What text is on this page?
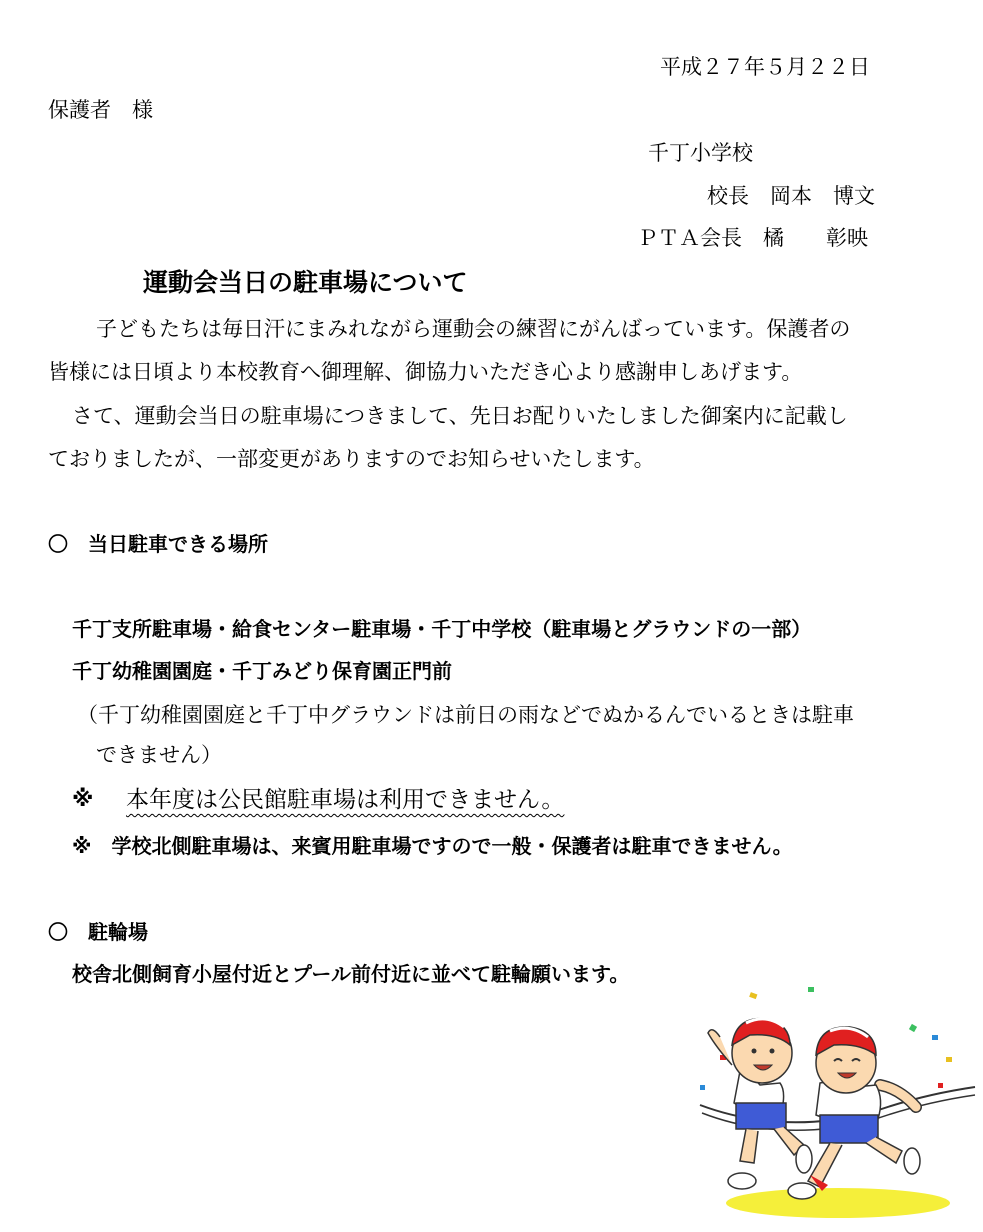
平成２７年５月２２日
保護者　様
千丁小学校
校長　岡本　博文
ＰＴＡ会長　橘　　彰映
運動会当日の駐車場について
子どもたちは毎日汗にまみれながら運動会の練習にがんばっています。保護者の
皆様には日頃より本校教育へ御理解、御協力いただき心より感謝申しあげます。
さて、運動会当日の駐車場につきまして、先日お配りいたしました御案内に記載し
ておりましたが、一部変更がありますのでお知らせいたします。
〇　当日駐車できる場所
千丁支所駐車場・給食センター駐車場・千丁中学校（駐車場とグラウンドの一部）
千丁幼稚園園庭・千丁みどり保育園正門前
（千丁幼稚園園庭と千丁中グラウンドは前日の雨などでぬかるんでいるときは駐車
できません）
※ 本年度は公民館駐車場は利用できません。
※　学校北側駐車場は、来賓用駐車場ですので一般・保護者は駐車できません。
〇　駐輪場
校舎北側飼育小屋付近とプール前付近に並べて駐輪願います。
